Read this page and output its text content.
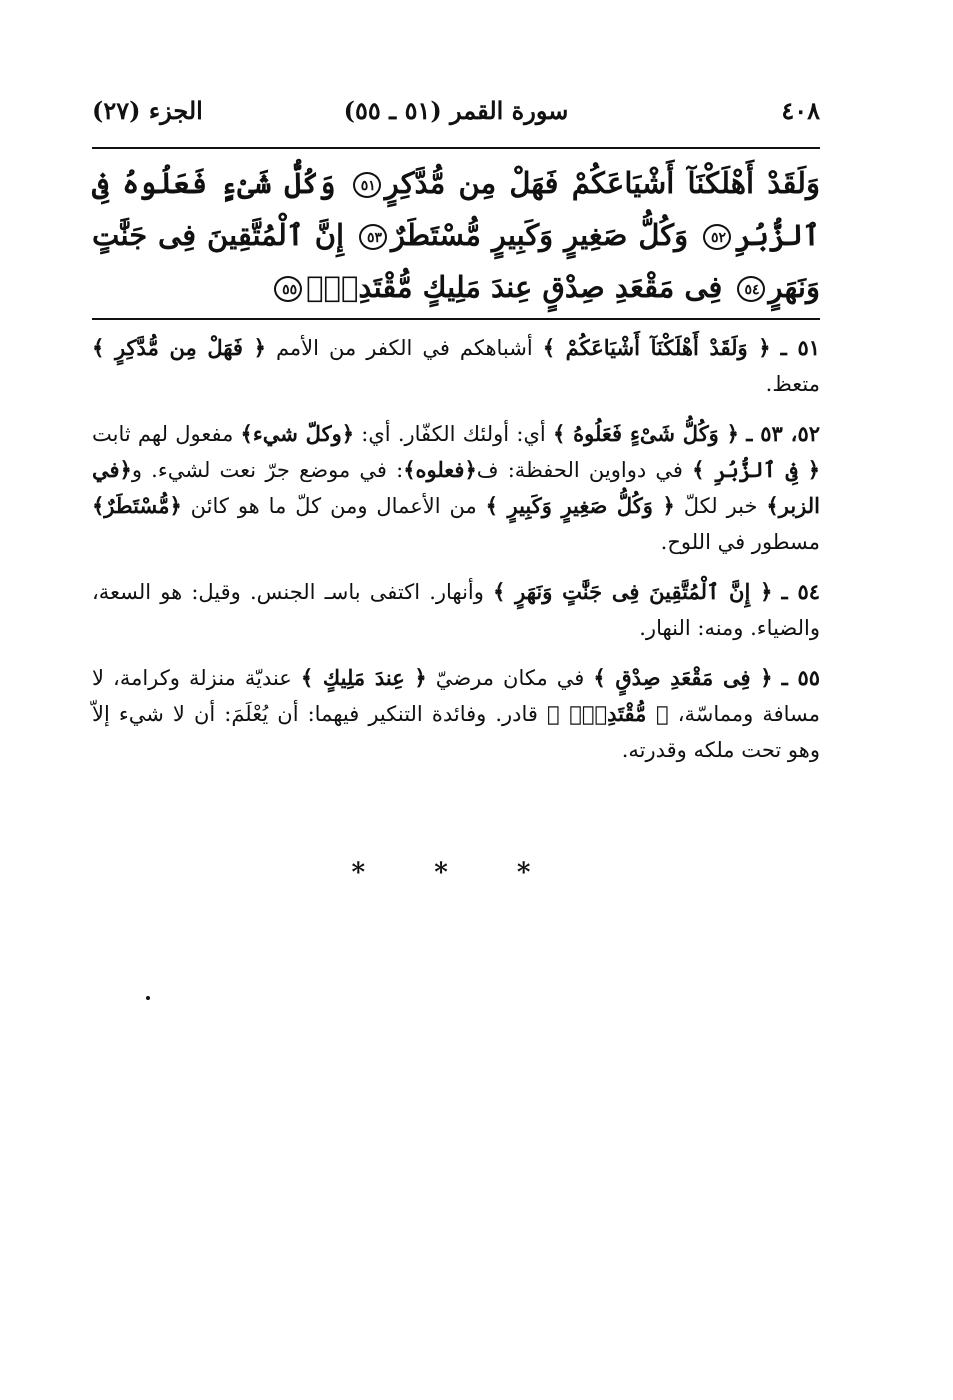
٤٠٨
سورة القمر (٥١ ـ ٥٥)
الجزء (٢٧)
وَلَقَدْ أَهْلَكْنَآ أَشْيَاعَكُمْ فَهَلْ مِن مُّدَّكِرٍ٥١ وَكُلُّ شَىْءٍ فَعَلُوهُ فِى ٱلزُّبُرِ٥٢ وَكُلُّ صَغِيرٍ وَكَبِيرٍ مُّسْتَطَرٌ٥٣ إِنَّ ٱلْمُتَّقِينَ فِى جَنَّٰتٍ وَنَهَرٍ٥٤ فِى مَقْعَدِ صِدْقٍ عِندَ مَلِيكٍ مُّقْتَدِرٍۭ٥٥

٥١ ـ ﴿ وَلَقَدْ أَهْلَكْنَآ أَشْيَاعَكُمْ ﴾ أشباهكم في الكفر من الأمم ﴿ فَهَلْ مِن مُّدَّكِرٍ ﴾ متعظ.

٥٢، ٥٣ ـ ﴿ وَكُلُّ شَىْءٍ فَعَلُوهُ ﴾ أي: أولئك الكفّار. أي: ﴿وكلّ شيء﴾ مفعول لهم ثابت ﴿ فِى ٱلزُّبُرِ ﴾ في دواوين الحفظة: ف﴿فعلوه﴾: في موضع جرّ نعت لشيء. و﴿في الزبر﴾ خبر لكلّ ﴿ وَكُلُّ صَغِيرٍ وَكَبِيرٍ ﴾ من الأعمال ومن كلّ ما هو كائن ﴿مُّسْتَطَرٌ﴾ مسطور في اللوح.

٥٤ ـ ﴿ إِنَّ ٱلْمُتَّقِينَ فِى جَنَّٰتٍ وَنَهَرٍ ﴾ وأنهار. اكتفى باسـ الجنس. وقيل: هو السعة، والضياء. ومنه: النهار.

٥٥ ـ ﴿ فِى مَقْعَدِ صِدْقٍ ﴾ في مكان مرضيّ ﴿ عِندَ مَلِيكٍ ﴾ عنديّة منزلة وكرامة، لا مسافة ومماسّة، ﴿ مُّقْتَدِرٍۭ ﴾ قادر. وفائدة التنكير فيهما: أن يُعْلَمَ: أن لا شيء إلاّ وهو تحت ملكه وقدرته.

* * *
